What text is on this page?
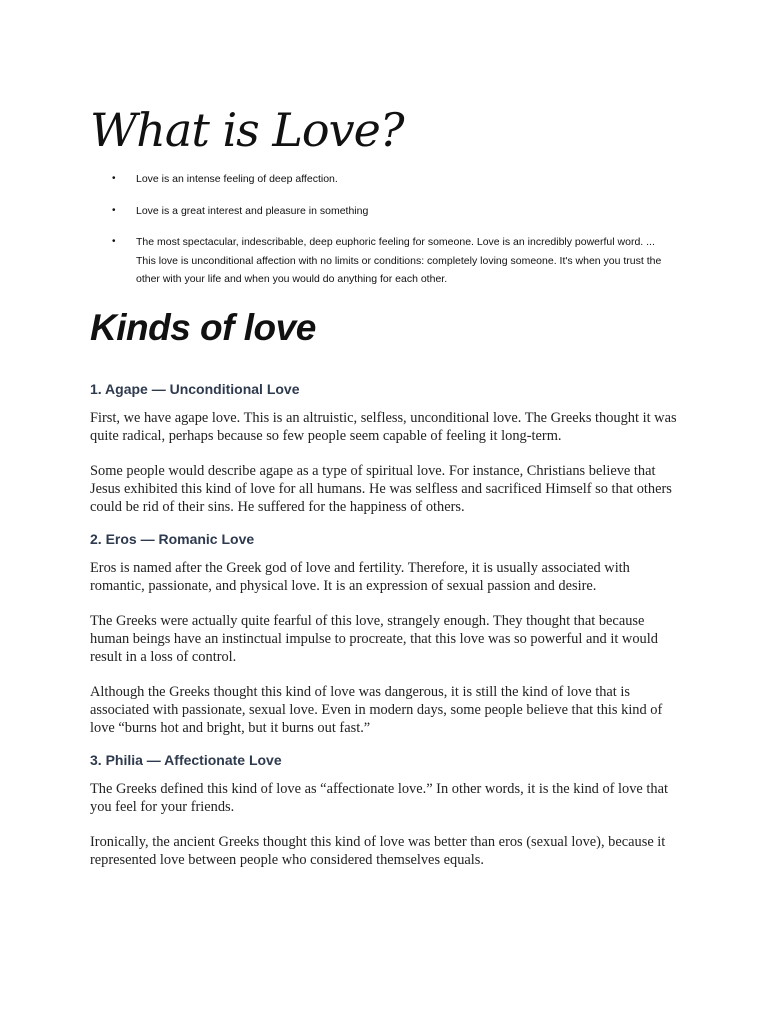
What is Love?
• Love is an intense feeling of deep affection.
• Love is a great interest and pleasure in something
• The most spectacular, indescribable, deep euphoric feeling for someone. Love is an incredibly powerful word. ... This love is unconditional affection with no limits or conditions: completely loving someone. It's when you trust the other with your life and when you would do anything for each other.
Kinds of love
1. Agape — Unconditional Love

First, we have agape love. This is an altruistic, selfless, unconditional love. The Greeks thought it was quite radical, perhaps because so few people seem capable of feeling it long-term.

Some people would describe agape as a type of spiritual love. For instance, Christians believe that Jesus exhibited this kind of love for all humans. He was selfless and sacrificed Himself so that others could be rid of their sins. He suffered for the happiness of others.

2. Eros — Romanic Love

Eros is named after the Greek god of love and fertility. Therefore, it is usually associated with romantic, passionate, and physical love. It is an expression of sexual passion and desire.

The Greeks were actually quite fearful of this love, strangely enough. They thought that because human beings have an instinctual impulse to procreate, that this love was so powerful and it would result in a loss of control.

Although the Greeks thought this kind of love was dangerous, it is still the kind of love that is associated with passionate, sexual love. Even in modern days, some people believe that this kind of love “burns hot and bright, but it burns out fast.”

3. Philia — Affectionate Love

The Greeks defined this kind of love as “affectionate love.” In other words, it is the kind of love that you feel for your friends.

Ironically, the ancient Greeks thought this kind of love was better than eros (sexual love), because it represented love between people who considered themselves equals.
